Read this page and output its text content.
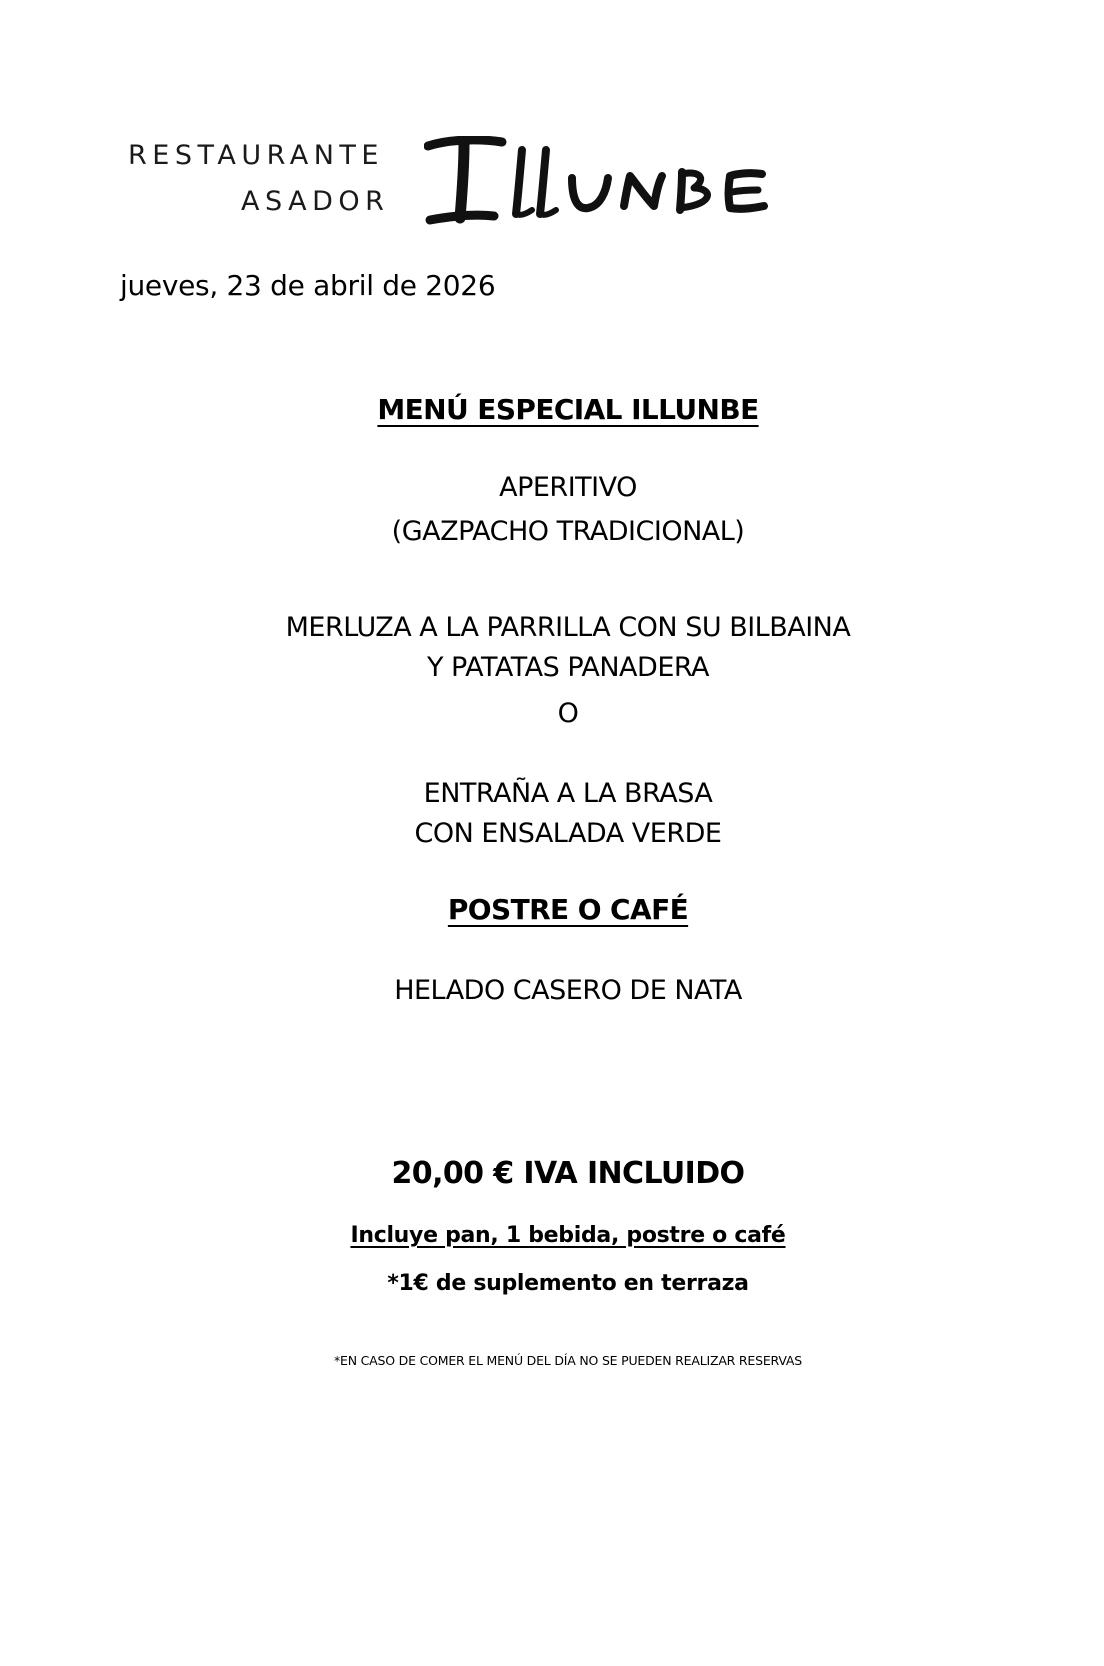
RESTAURANTE
ASADOR
jueves, 23 de abril de 2026
MENÚ ESPECIAL ILLUNBE
APERITIVO
(GAZPACHO TRADICIONAL)
MERLUZA A LA PARRILLA CON SU BILBAINA
Y PATATAS PANADERA
O
ENTRAÑA A LA BRASA
CON ENSALADA VERDE
POSTRE O CAFÉ
HELADO CASERO DE NATA
20,00 € IVA INCLUIDO
Incluye pan, 1 bebida, postre o café
*1€ de suplemento en terraza
*EN CASO DE COMER EL MENÚ DEL DÍA NO SE PUEDEN REALIZAR RESERVAS
